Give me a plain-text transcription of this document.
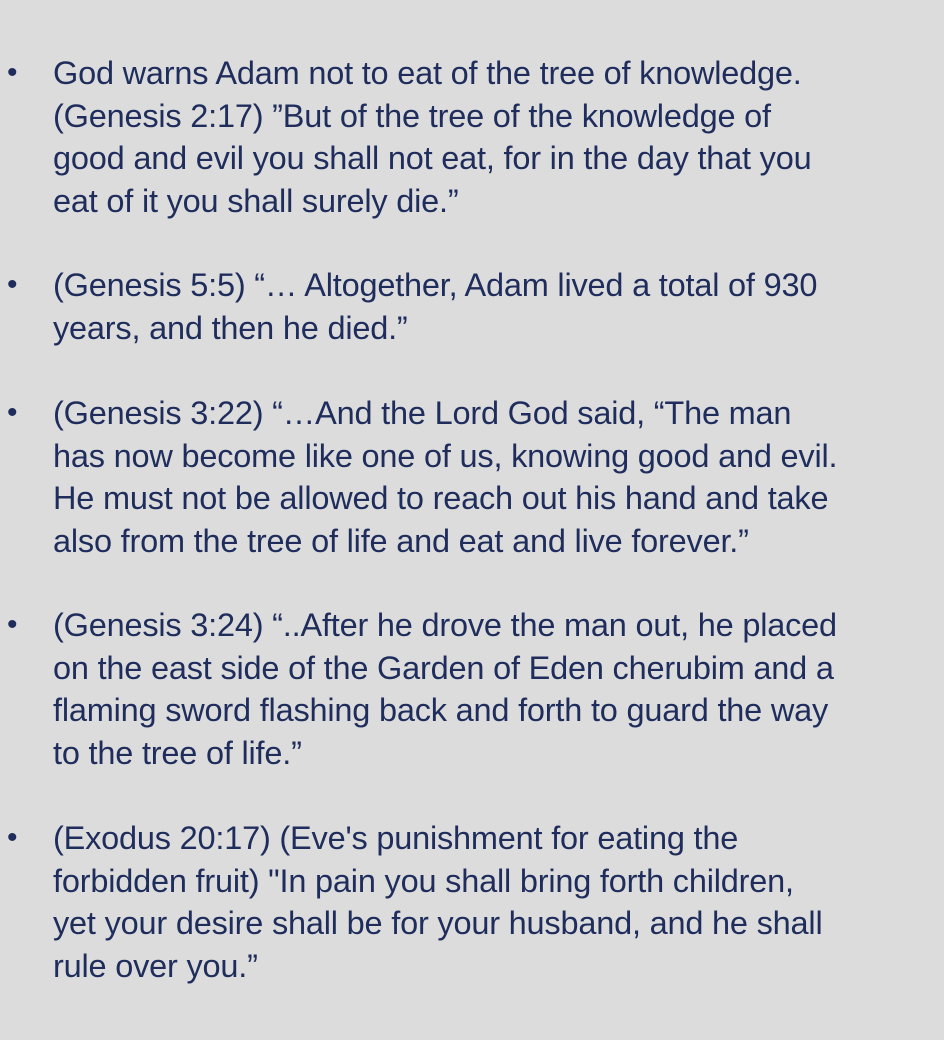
• God warns Adam not to eat of the tree of knowledge.
(Genesis 2:17) ”But of the tree of the knowledge of
good and evil you shall not eat, for in the day that you
eat of it you shall surely die.”

• (Genesis 5:5) “… Altogether, Adam lived a total of 930
years, and then he died.”

• (Genesis 3:22) “…And the Lord God said, “The man
has now become like one of us, knowing good and evil.
He must not be allowed to reach out his hand and take
also from the tree of life and eat and live forever.”

• (Genesis 3:24) “..After he drove the man out, he placed
on the east side of the Garden of Eden cherubim and a
flaming sword flashing back and forth to guard the way
to the tree of life.”

• (Exodus 20:17) (Eve's punishment for eating the
forbidden fruit) "In pain you shall bring forth children,
yet your desire shall be for your husband, and he shall
rule over you.”
